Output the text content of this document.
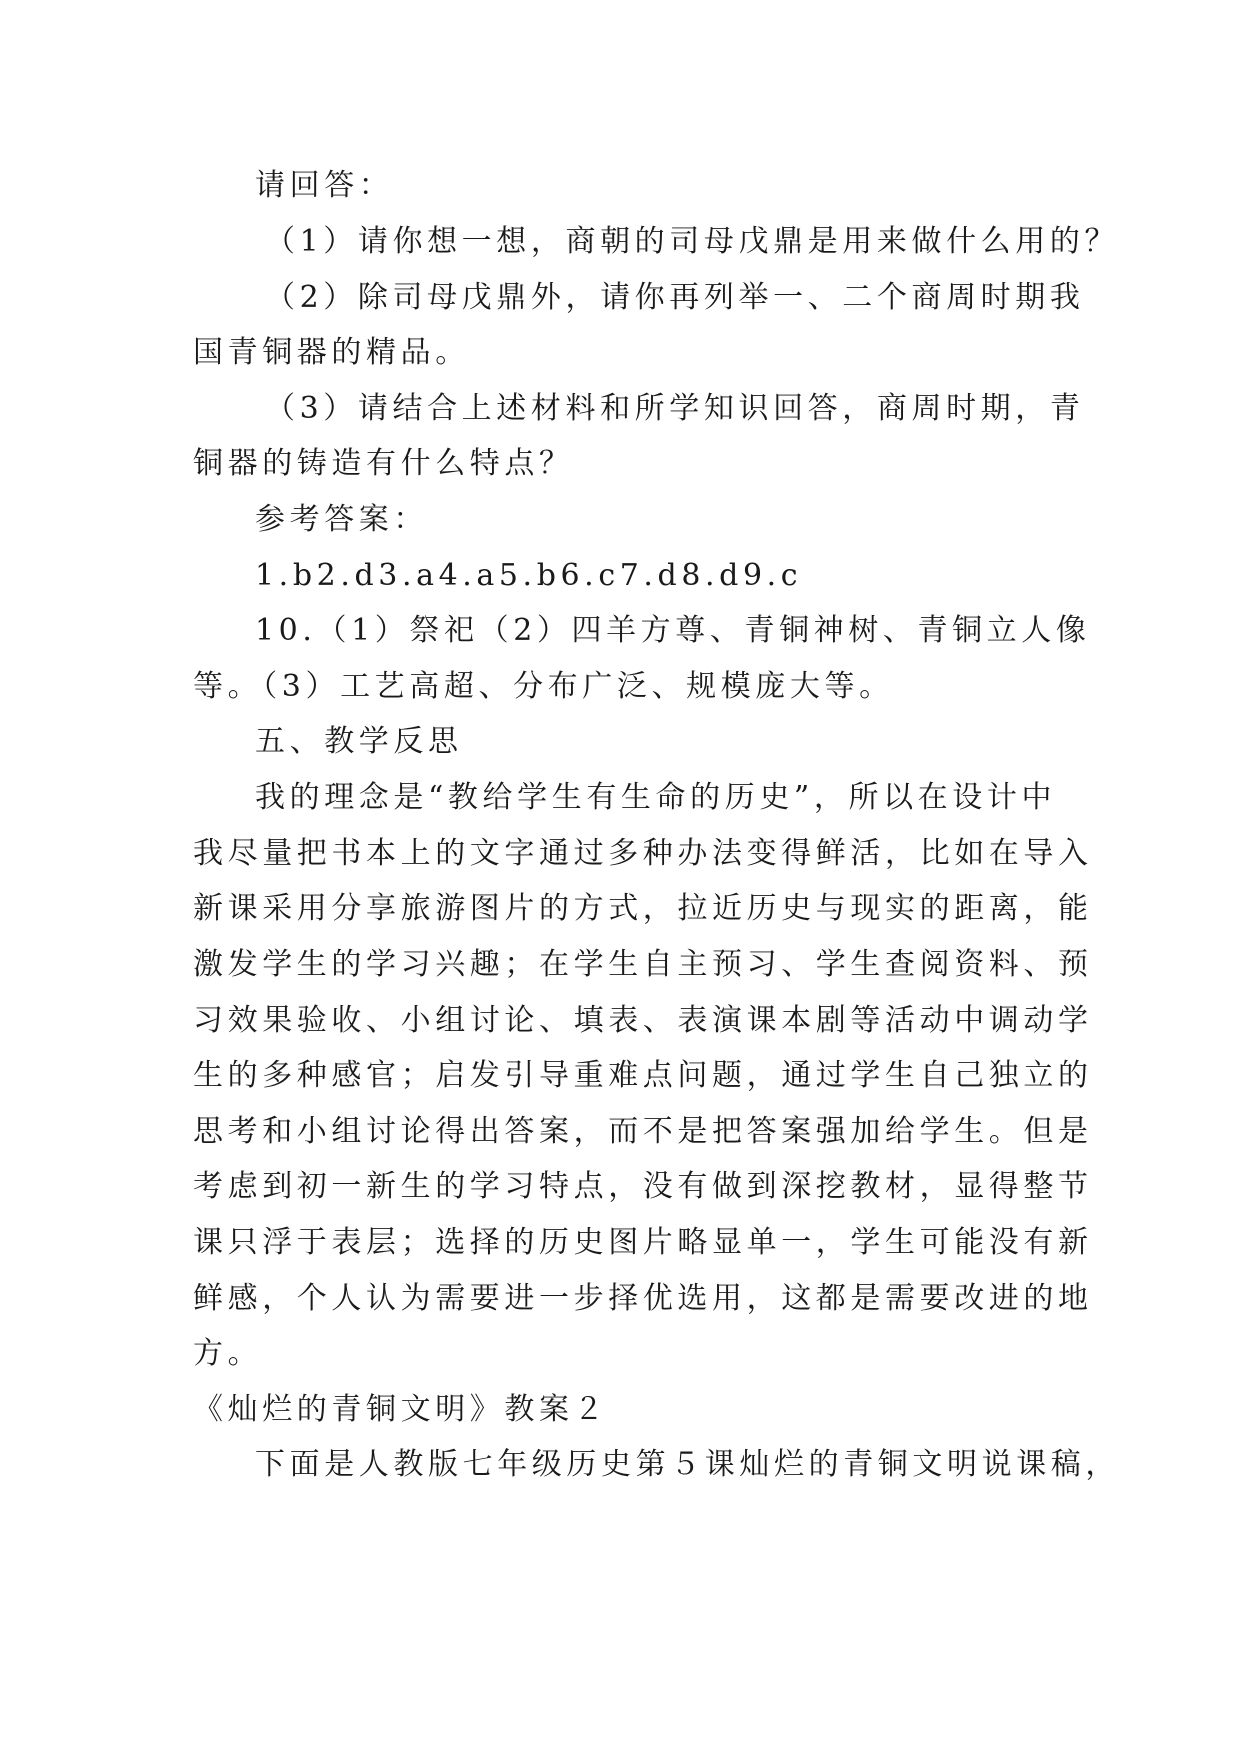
请回答：

（1）请你想一想，商朝的司母戊鼎是用来做什么用的？

（2）除司母戊鼎外，请你再列举一、二个商周时期我

国青铜器的精品。

（3）请结合上述材料和所学知识回答，商周时期，青

铜器的铸造有什么特点？

参考答案：

1.b2.d3.a4.a5.b6.c7.d8.d9.c

10.（1）祭祀（2）四羊方尊、青铜神树、青铜立人像

等。（3）工艺高超、分布广泛、规模庞大等。

五、教学反思

我的理念是“教给学生有生命的历史”，所以在设计中

我尽量把书本上的文字通过多种办法变得鲜活，比如在导入

新课采用分享旅游图片的方式，拉近历史与现实的距离，能

激发学生的学习兴趣；在学生自主预习、学生查阅资料、预

习效果验收、小组讨论、填表、表演课本剧等活动中调动学

生的多种感官；启发引导重难点问题，通过学生自己独立的

思考和小组讨论得出答案，而不是把答案强加给学生。但是

考虑到初一新生的学习特点，没有做到深挖教材，显得整节

课只浮于表层；选择的历史图片略显单一，学生可能没有新

鲜感，个人认为需要进一步择优选用，这都是需要改进的地

方。

《灿烂的青铜文明》教案２

下面是人教版七年级历史第５课灿烂的青铜文明说课稿，
